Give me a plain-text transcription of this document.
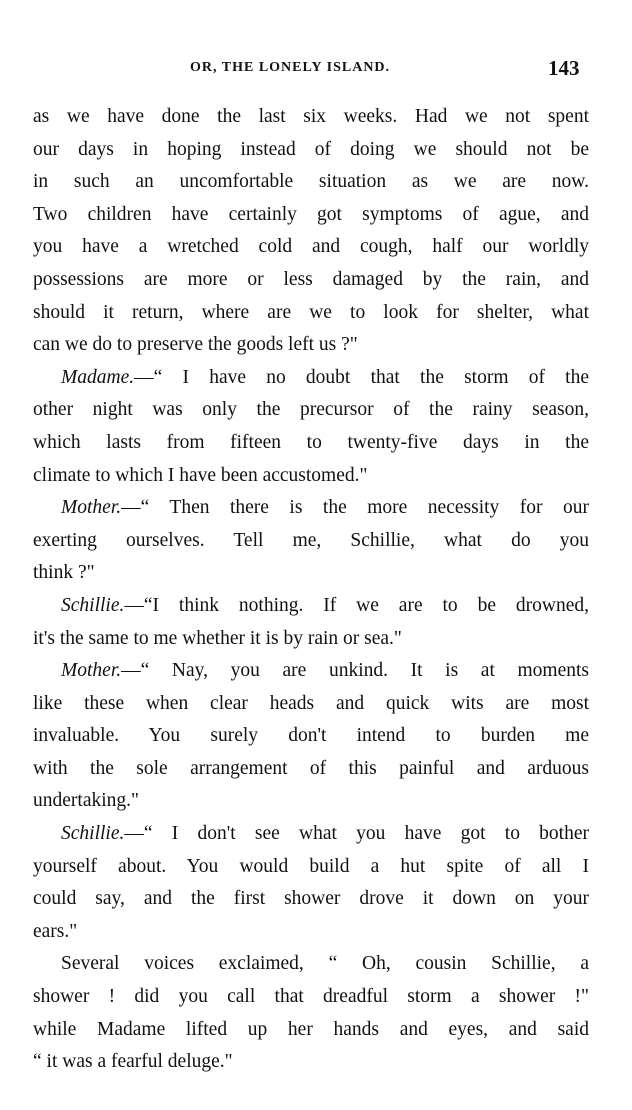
OR, THE LONELY ISLAND.	143

as we have done the last six weeks. Had we not spent
our days in hoping instead of doing we should not be
in such an uncomfortable situation as we are now.
Two children have certainly got symptoms of ague, and
you have a wretched cold and cough, half our worldly
possessions are more or less damaged by the rain, and
should it return, where are we to look for shelter, what
can we do to preserve the goods left us ?"

Madame.—“ I have no doubt that the storm of the
other night was only the precursor of the rainy season,
which lasts from fifteen to twenty-five days in the
climate to which I have been accustomed."

Mother.—“ Then there is the more necessity for our
exerting ourselves. Tell me, Schillie, what do you
think ?"

Schillie.—“I think nothing. If we are to be drowned,
it's the same to me whether it is by rain or sea."

Mother.—“ Nay, you are unkind. It is at moments
like these when clear heads and quick wits are most
invaluable. You surely don't intend to burden me
with the sole arrangement of this painful and arduous
undertaking."

Schillie.—“ I don't see what you have got to bother
yourself about. You would build a hut spite of all I
could say, and the first shower drove it down on your
ears."

Several voices exclaimed, “ Oh, cousin Schillie, a
shower ! did you call that dreadful storm a shower !"
while Madame lifted up her hands and eyes, and said
“ it was a fearful deluge."
